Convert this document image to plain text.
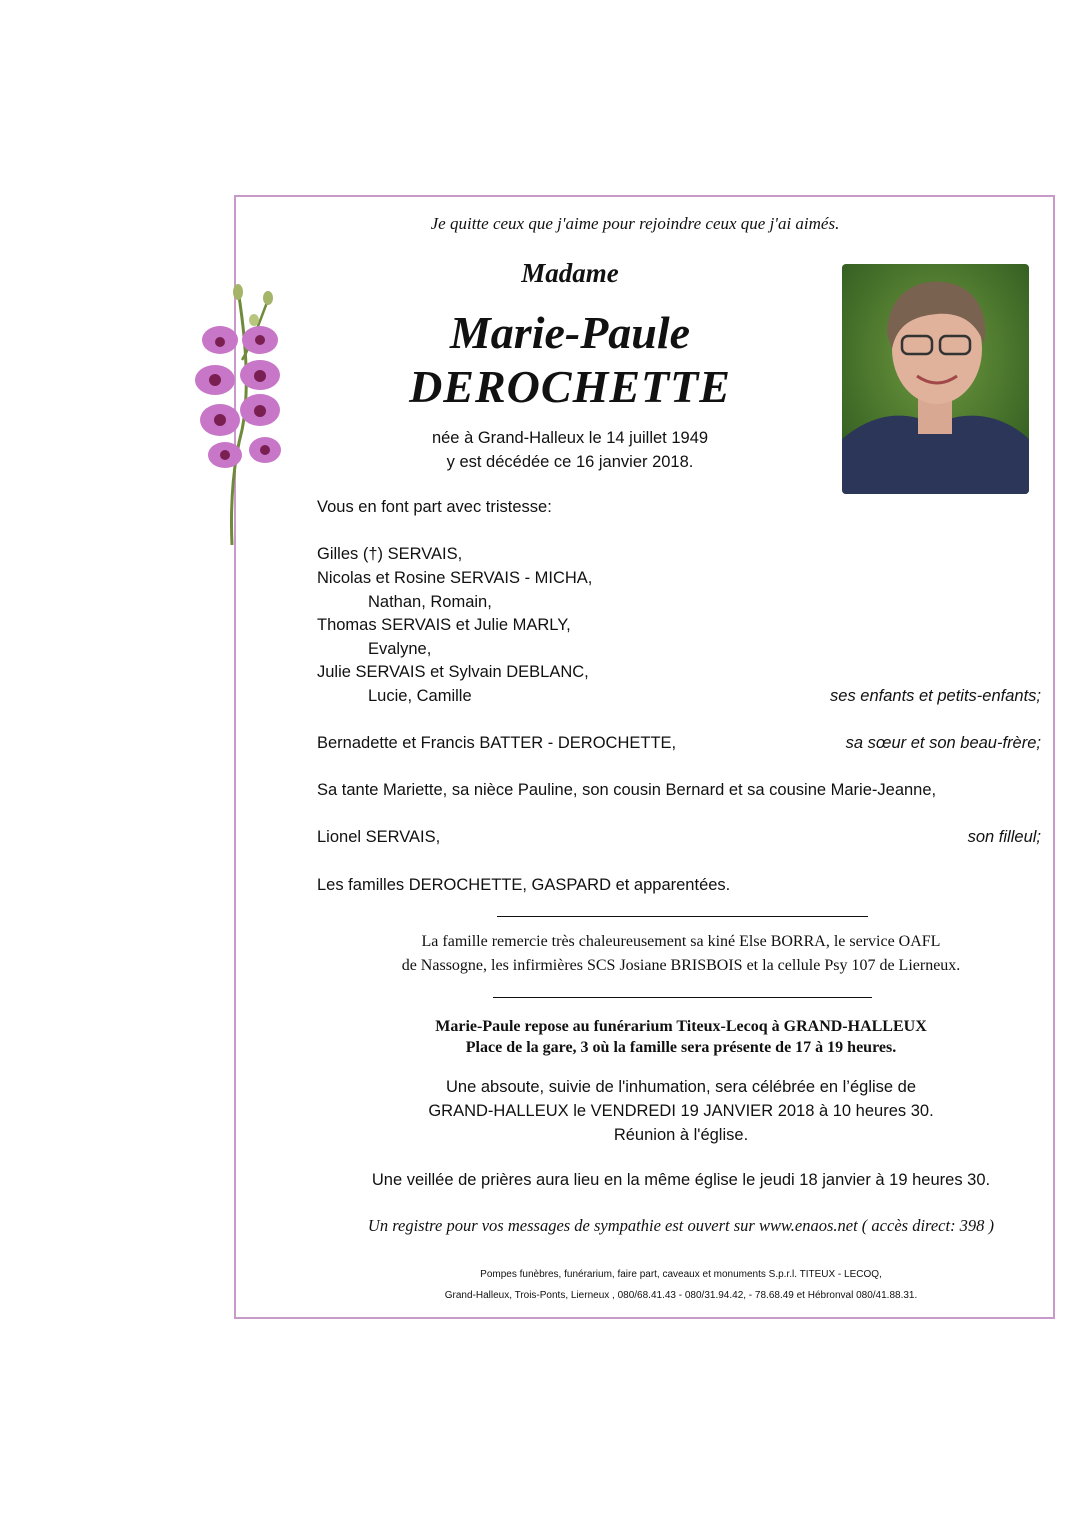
Je quitte ceux que j'aime pour rejoindre ceux que j'ai aimés.
Madame
Marie-Paule
DEROCHETTE
née à Grand-Halleux le 14 juillet 1949
y est décédée ce 16 janvier 2018.
Vous en font part avec tristesse:
Gilles (†) SERVAIS,
Nicolas et Rosine SERVAIS - MICHA,
Nathan, Romain,
Thomas SERVAIS et Julie MARLY,
Evalyne,
Julie SERVAIS et Sylvain DEBLANC,
Lucie, Camille	ses enfants et petits-enfants;
Bernadette et Francis BATTER - DEROCHETTE,	sa sœur et son beau-frère;
Sa tante Mariette, sa nièce Pauline, son cousin Bernard et sa cousine Marie-Jeanne,
Lionel SERVAIS,	son filleul;
Les familles DEROCHETTE, GASPARD et apparentées.
La famille remercie très chaleureusement sa kiné Else BORRA, le service OAFL
de Nassogne, les infirmières SCS Josiane BRISBOIS et la cellule Psy 107 de Lierneux.
Marie-Paule repose au funérarium Titeux-Lecoq à GRAND-HALLEUX
Place de la gare, 3 où la famille sera présente de 17 à 19 heures.
Une absoute, suivie de l'inhumation, sera célébrée en l’église de
GRAND-HALLEUX le VENDREDI 19 JANVIER 2018 à 10 heures 30.
Réunion à l'église.
Une veillée de prières aura lieu en la même église le jeudi 18 janvier à 19 heures 30.
Un registre pour vos messages de sympathie est ouvert sur www.enaos.net ( accès direct: 398 )
Pompes funèbres, funérarium, faire part, caveaux et monuments S.p.r.l. TITEUX - LECOQ,
Grand-Halleux, Trois-Ponts, Lierneux , 080/68.41.43 - 080/31.94.42, - 78.68.49 et Hébronval 080/41.88.31.
